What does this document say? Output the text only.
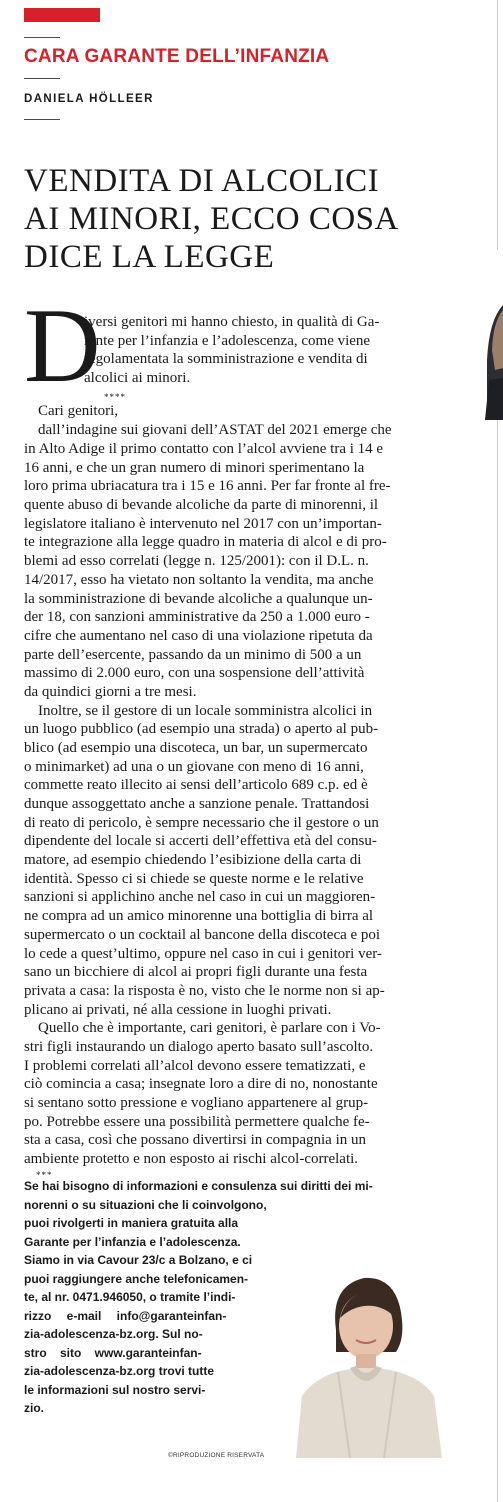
CARA GARANTE DELL’INFANZIA
DANIELA HÖLLEER
VENDITA DI ALCOLICI
AI MINORI, ECCO COSA
DICE LA LEGGE
D
iversi genitori mi hanno chiesto, in qualità di Ga-
rante per l’infanzia e l’adolescenza, come viene
regolamentata la somministrazione e vendita di
alcolici ai minori.
****
Cari genitori,
dall’indagine sui giovani dell’ASTAT del 2021 emerge che
in Alto Adige il primo contatto con l’alcol avviene tra i 14 e
16 anni, e che un gran numero di minori sperimentano la
loro prima ubriacatura tra i 15 e 16 anni. Per far fronte al fre-
quente abuso di bevande alcoliche da parte di minorenni, il
legislatore italiano è intervenuto nel 2017 con un’importan-
te integrazione alla legge quadro in materia di alcol e di pro-
blemi ad esso correlati (legge n. 125/2001): con il D.L. n.
14/2017, esso ha vietato non soltanto la vendita, ma anche
la somministrazione di bevande alcoliche a qualunque un-
der 18, con sanzioni amministrative da 250 a 1.000 euro -
cifre che aumentano nel caso di una violazione ripetuta da
parte dell’esercente, passando da un minimo di 500 a un
massimo di 2.000 euro, con una sospensione dell’attività
da quindici giorni a tre mesi.
Inoltre, se il gestore di un locale somministra alcolici in
un luogo pubblico (ad esempio una strada) o aperto al pub-
blico (ad esempio una discoteca, un bar, un supermercato
o minimarket) ad una o un giovane con meno di 16 anni,
commette reato illecito ai sensi dell’articolo 689 c.p. ed è
dunque assoggettato anche a sanzione penale. Trattandosi
di reato di pericolo, è sempre necessario che il gestore o un
dipendente del locale si accerti dell’effettiva età del consu-
matore, ad esempio chiedendo l’esibizione della carta di
identità. Spesso ci si chiede se queste norme e le relative
sanzioni si applichino anche nel caso in cui un maggioren-
ne compra ad un amico minorenne una bottiglia di birra al
supermercato o un cocktail al bancone della discoteca e poi
lo cede a quest’ultimo, oppure nel caso in cui i genitori ver-
sano un bicchiere di alcol ai propri figli durante una festa
privata a casa: la risposta è no, visto che le norme non si ap-
plicano ai privati, né alla cessione in luoghi privati.
Quello che è importante, cari genitori, è parlare con i Vo-
stri figli instaurando un dialogo aperto basato sull’ascolto.
I problemi correlati all’alcol devono essere tematizzati, e
ciò comincia a casa; insegnate loro a dire di no, nonostante
si sentano sotto pressione e vogliano appartenere al grup-
po. Potrebbe essere una possibilità permettere qualche fe-
sta a casa, così che possano divertirsi in compagnia in un
ambiente protetto e non esposto ai rischi alcol-correlati.
***
Se hai bisogno di informazioni e consulenza sui diritti dei mi-
norenni o su situazioni che li coinvolgono,
puoi rivolgerti in maniera gratuita alla
Garante per l’infanzia e l’adolescenza.
Siamo in via Cavour 23/c a Bolzano, e ci
puoi raggiungere anche telefonicamen-
te, al nr. 0471.946050, o tramite l’indi-
rizzo e-mail info@garanteinfan-
zia-adolescenza-bz.org. Sul no-
stro sito www.garanteinfan-
zia-adolescenza-bz.org trovi tutte
le informazioni sul nostro servi-
zio.
©RIPRODUZIONE RISERVATA
